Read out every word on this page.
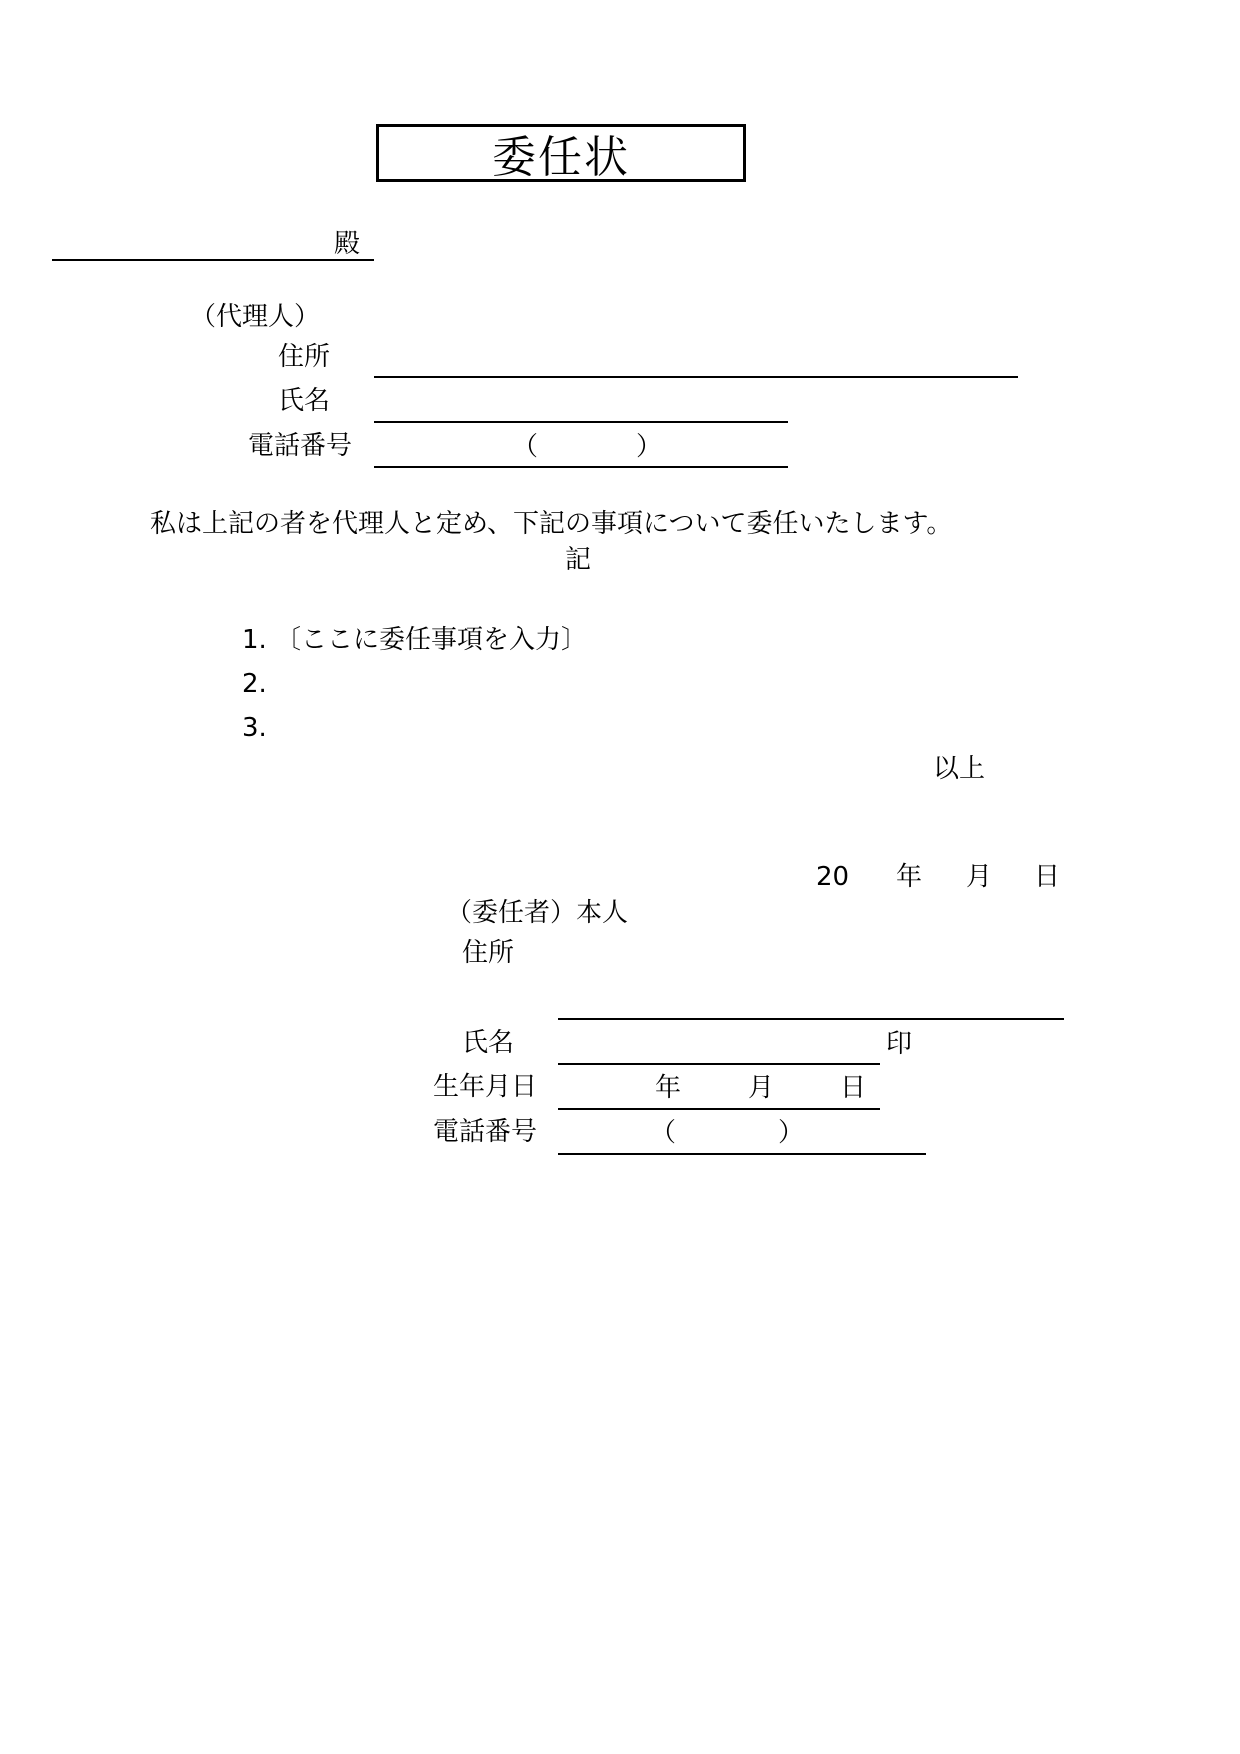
委任状
殿
（代理人）
住所
氏名
電話番号	（	）
私は上記の者を代理人と定め、下記の事項について委任いたします。
記
1. 〔ここに委任事項を入力〕
2.
3.
以上
20 年 月 日
（委任者）本人
住所
氏名	印
生年月日	年	月	日
電話番号	（	）
